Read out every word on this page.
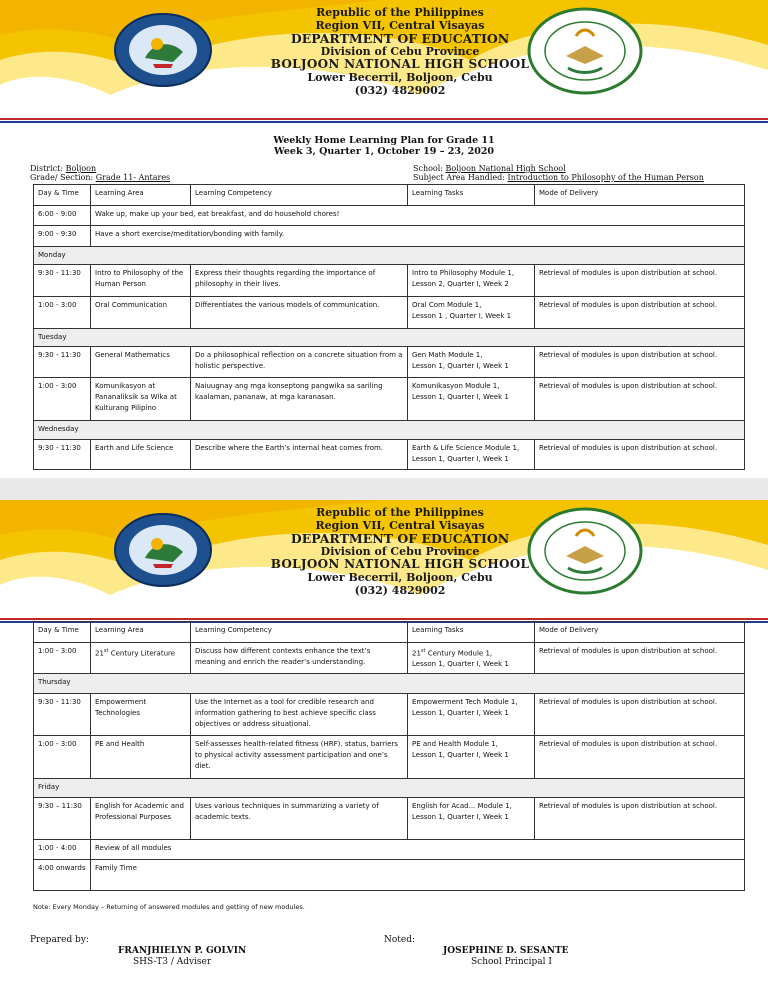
Republic of the Philippines
Region VII, Central Visayas
DEPARTMENT OF EDUCATION
Division of Cebu Province
BOLJOON NATIONAL HIGH SCHOOL
Lower Becerril, Boljoon, Cebu
(032) 4829002
Weekly Home Learning Plan for Grade 11
Week 3, Quarter 1, October 19 – 23, 2020
District: Boljoon
Grade/ Section: Grade 11- Antares
School: Boljoon National High School
Subject Area Handled: Introduction to Philosophy of the Human Person
Day & Time	Learning Area	Learning Competency	Learning Tasks	Mode of Delivery
6:00 - 9:00	Wake up, make up your bed, eat breakfast, and do household chores!			
9:00 - 9:30	Have a short exercise/meditation/bonding with family.			
Monday				
9:30 - 11:30	Intro to Philosophy of the Human Person	Express their thoughts regarding the importance of philosophy in their lives.	Intro to Philosophy Module 1,
Lesson 2, Quarter I, Week 2	Retrieval of modules is upon distribution at school.
1:00 - 3:00	Oral Communication	Differentiates the various models of communication.	Oral Com Module 1,
Lesson 1 , Quarter I, Week 1	Retrieval of modules is upon distribution at school.
Tuesday				
9:30 - 11:30	General Mathematics	Do a philosophical reflection on a concrete situation from a holistic perspective.	Gen Math Module 1,
Lesson 1, Quarter I, Week 1	Retrieval of modules is upon distribution at school.
1:00 - 3:00	Komunikasyon at Pananaliksik sa Wika at Kulturang Pilipino	Naiuugnay ang mga konseptong pangwika sa sariling kaalaman, pananaw, at mga karanasan.	Komunikasyon Module 1,
Lesson 1, Quarter I, Week 1	Retrieval of modules is upon distribution at school.
Wednesday				
9:30 - 11:30	Earth and Life Science	Describe where the Earth’s internal heat comes from.	Earth & Life Science Module 1,
Lesson 1, Quarter I, Week 1	Retrieval of modules is upon distribution at school.
Republic of the Philippines
Region VII, Central Visayas
DEPARTMENT OF EDUCATION
Division of Cebu Province
BOLJOON NATIONAL HIGH SCHOOL
Lower Becerril, Boljoon, Cebu
(032) 4829002
Day & Time	Learning Area	Learning Competency	Learning Tasks	Mode of Delivery
1:00 - 3:00	21st Century Literature	Discuss how different contexts enhance the text’s meaning and enrich the reader’s understanding.	21st Century Module 1,
Lesson 1, Quarter I, Week 1	Retrieval of modules is upon distribution at school.
Thursday				
9:30 - 11:30	Empowerment Technologies	Use the Internet as a tool for credible research and information gathering to best achieve specific class objectives or address situational.	Empowerment Tech Module 1,
Lesson 1, Quarter I, Week 1	Retrieval of modules is upon distribution at school.
1:00 - 3:00	PE and Health	Self-assesses health-related fitness (HRF). status, barriers to physical activity assessment participation and one’s diet.	PE and Health Module 1,
Lesson 1, Quarter I, Week 1	Retrieval of modules is upon distribution at school.
Friday				
9:30 – 11:30	English for Academic and Professional Purposes	Uses various techniques in summarizing a variety of academic texts.	English for Acad... Module 1,
Lesson 1, Quarter I, Week 1	Retrieval of modules is upon distribution at school.
1:00 - 4:00	Review of all modules			
4:00 onwards	Family Time			
Note: Every Monday – Returning of answered modules and getting of new modules.
Prepared by:
FRANJHIELYN P. GOLVIN
SHS-T3 / Adviser
Noted:
JOSEPHINE D. SESANTE
School Principal I
